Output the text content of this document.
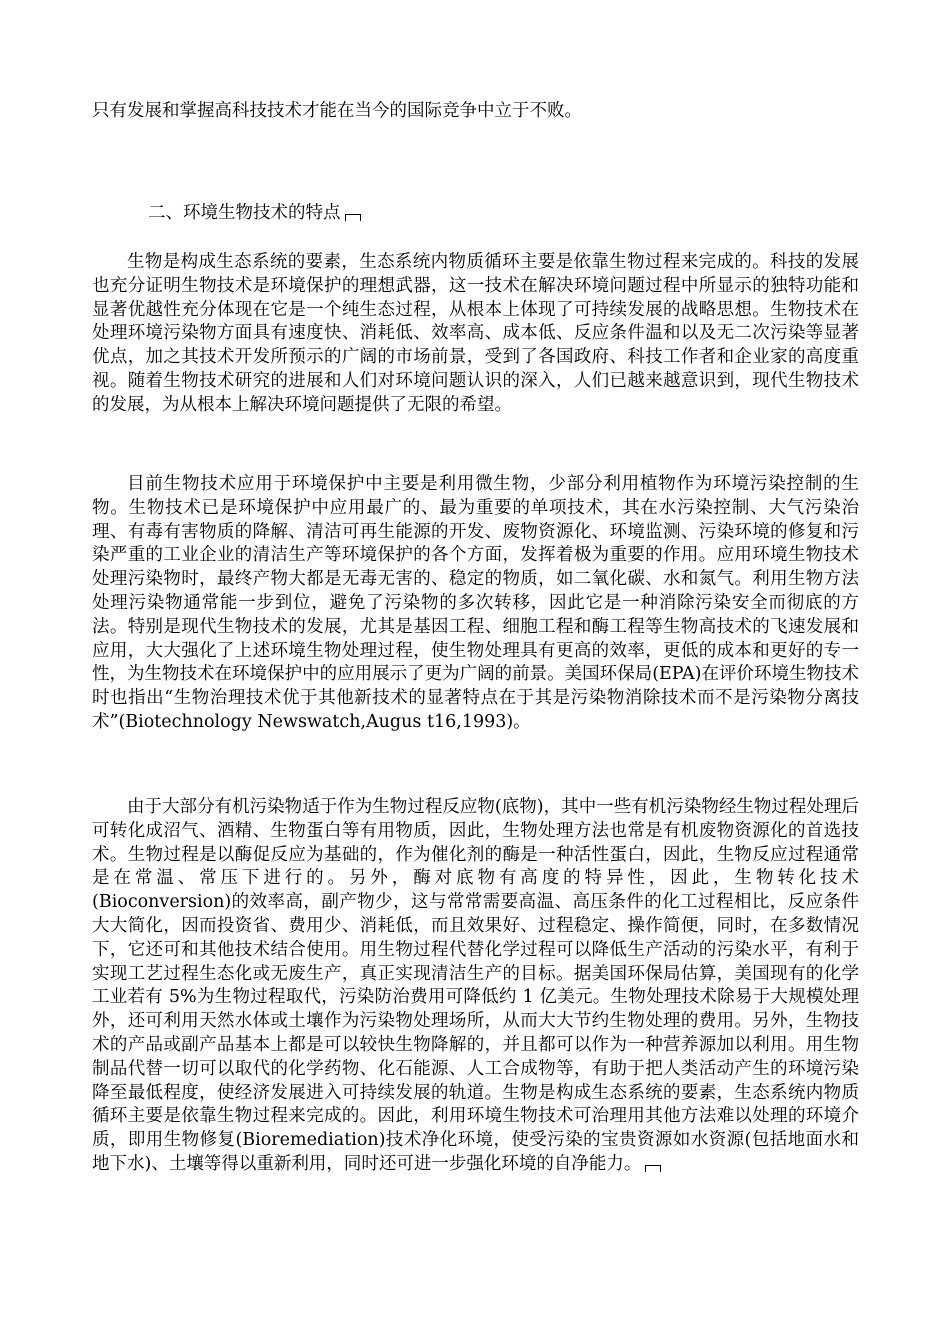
只有发展和掌握高科技技术才能在当今的国际竞争中立于不败。
二、环境生物技术的特点
生物是构成生态系统的要素，生态系统内物质循环主要是依靠生物过程来完成的。科技的发展也充分证明生物技术是环境保护的理想武器，这一技术在解决环境问题过程中所显示的独特功能和显著优越性充分体现在它是一个纯生态过程，从根本上体现了可持续发展的战略思想。生物技术在处理环境污染物方面具有速度快、消耗低、效率高、成本低、反应条件温和以及无二次污染等显著优点，加之其技术开发所预示的广阔的市场前景，受到了各国政府、科技工作者和企业家的高度重视。随着生物技术研究的进展和人们对环境问题认识的深入，人们已越来越意识到，现代生物技术的发展，为从根本上解决环境问题提供了无限的希望。
目前生物技术应用于环境保护中主要是利用微生物，少部分利用植物作为环境污染控制的生物。生物技术已是环境保护中应用最广的、最为重要的单项技术，其在水污染控制、大气污染治理、有毒有害物质的降解、清洁可再生能源的开发、废物资源化、环境监测、污染环境的修复和污染严重的工业企业的清洁生产等环境保护的各个方面，发挥着极为重要的作用。应用环境生物技术处理污染物时，最终产物大都是无毒无害的、稳定的物质，如二氧化碳、水和氮气。利用生物方法处理污染物通常能一步到位，避免了污染物的多次转移，因此它是一种消除污染安全而彻底的方法。特别是现代生物技术的发展，尤其是基因工程、细胞工程和酶工程等生物高技术的飞速发展和应用，大大强化了上述环境生物处理过程，使生物处理具有更高的效率，更低的成本和更好的专一性，为生物技术在环境保护中的应用展示了更为广阔的前景。美国环保局(EPA)在评价环境生物技术时也指出“生物治理技术优于其他新技术的显著特点在于其是污染物消除技术而不是污染物分离技术”(Biotechnology Newswatch,Augus t16,1993)。
由于大部分有机污染物适于作为生物过程反应物(底物)，其中一些有机污染物经生物过程处理后可转化成沼气、酒精、生物蛋白等有用物质，因此，生物处理方法也常是有机废物资源化的首选技术。生物过程是以酶促反应为基础的，作为催化剂的酶是一种活性蛋白，因此，生物反应过程通常是在常温、常压下进行的。另外，酶对底物有高度的特异性，因此，生物转化技术(Bioconversion)的效率高，副产物少，这与常常需要高温、高压条件的化工过程相比，反应条件大大简化，因而投资省、费用少、消耗低，而且效果好、过程稳定、操作简便，同时，在多数情况下，它还可和其他技术结合使用。用生物过程代替化学过程可以降低生产活动的污染水平，有利于实现工艺过程生态化或无废生产，真正实现清洁生产的目标。据美国环保局估算，美国现有的化学工业若有 5%为生物过程取代，污染防治费用可降低约 1 亿美元。生物处理技术除易于大规模处理外，还可利用天然水体或土壤作为污染物处理场所，从而大大节约生物处理的费用。另外，生物技术的产品或副产品基本上都是可以较快生物降解的，并且都可以作为一种营养源加以利用。用生物制品代替一切可以取代的化学药物、化石能源、人工合成物等，有助于把人类活动产生的环境污染降至最低程度，使经济发展进入可持续发展的轨道。生物是构成生态系统的要素，生态系统内物质循环主要是依靠生物过程来完成的。因此，利用环境生物技术可治理用其他方法难以处理的环境介质，即用生物修复(Bioremediation)技术净化环境，使受污染的宝贵资源如水资源(包括地面水和地下水)、土壤等得以重新利用，同时还可进一步强化环境的自净能力。
